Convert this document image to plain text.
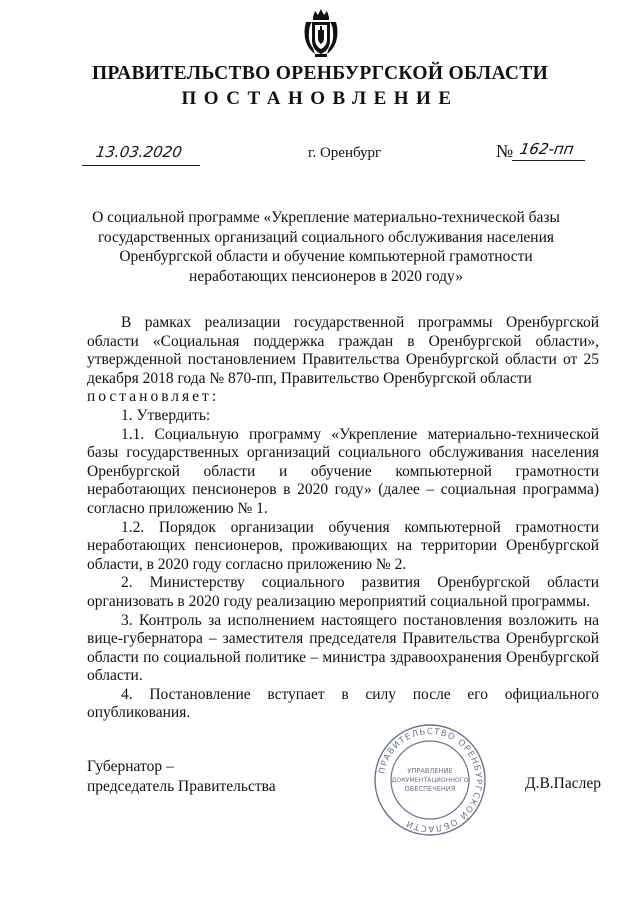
ПРАВИТЕЛЬСТВО ОРЕНБУРГСКОЙ ОБЛАСТИ
ПОСТАНОВЛЕНИЕ
13.03.2020	г. Оренбург	№ 162-пп
О социальной программе «Укрепление материально-технической базы государственных организаций социального обслуживания населения Оренбургской области и обучение компьютерной грамотности неработающих пенсионеров в 2020 году»

В рамках реализации государственной программы Оренбургской области «Социальная поддержка граждан в Оренбургской области», утвержденной постановлением Правительства Оренбургской области от 25 декабря 2018 года № 870-пп, Правительство Оренбургской области

постановляет:

1. Утвердить:

1.1. Социальную программу «Укрепление материально-технической базы государственных организаций социального обслуживания населения Оренбургской области и обучение компьютерной грамотности неработающих пенсионеров в 2020 году» (далее – социальная программа) согласно приложению № 1.

1.2. Порядок организации обучения компьютерной грамотности неработающих пенсионеров, проживающих на территории Оренбургской области, в 2020 году согласно приложению № 2.

2. Министерству социального развития Оренбургской области организовать в 2020 году реализацию мероприятий социальной программы.

3. Контроль за исполнением настоящего постановления возложить на вице-губернатора – заместителя председателя Правительства Оренбургской области по социальной политике – министра здравоохранения Оренбургской области.

4. Постановление вступает в силу после его официального опубликования.

Губернатор –
председатель Правительства	Д.В.Паслер
ПРАВИТЕЛЬСТВО ОРЕНБУРГСКОЙ ОБЛАСТИ
УПРАВЛЕНИЕ
ДОКУМЕНТАЦИОННОГО
ОБЕСПЕЧЕНИЯ
